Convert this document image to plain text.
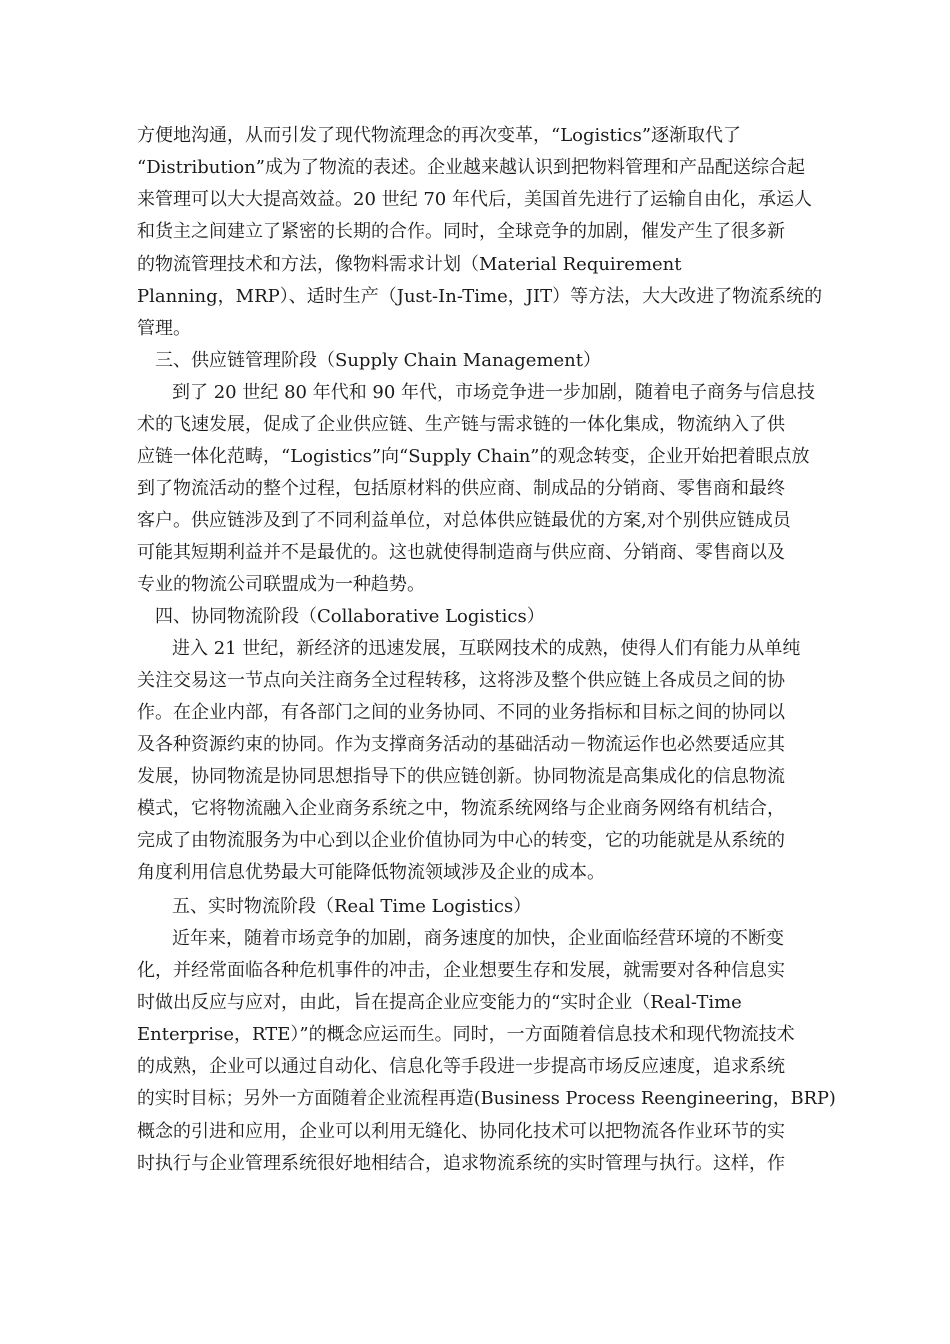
方便地沟通，从而引发了现代物流理念的再次变革，“Logistics”逐渐取代了
“Distribution”成为了物流的表述。企业越来越认识到把物料管理和产品配送综合起
来管理可以大大提高效益。20 世纪 70 年代后，美国首先进行了运输自由化，承运人
和货主之间建立了紧密的长期的合作。同时，全球竞争的加剧，催发产生了很多新
的物流管理技术和方法，像物料需求计划（Material Requirement
Planning，MRP）、适时生产（Just-In-Time，JIT）等方法，大大改进了物流系统的
管理。
三、供应链管理阶段（Supply Chain Management）
到了 20 世纪 80 年代和 90 年代，市场竞争进一步加剧，随着电子商务与信息技
术的飞速发展，促成了企业供应链、生产链与需求链的一体化集成，物流纳入了供
应链一体化范畴，“Logistics”向“Supply Chain”的观念转变，企业开始把着眼点放
到了物流活动的整个过程，包括原材料的供应商、制成品的分销商、零售商和最终
客户。供应链涉及到了不同利益单位，对总体供应链最优的方案,对个别供应链成员
可能其短期利益并不是最优的。这也就使得制造商与供应商、分销商、零售商以及
专业的物流公司联盟成为一种趋势。
四、协同物流阶段（Collaborative Logistics）
进入 21 世纪，新经济的迅速发展，互联网技术的成熟，使得人们有能力从单纯
关注交易这一节点向关注商务全过程转移，这将涉及整个供应链上各成员之间的协
作。在企业内部，有各部门之间的业务协同、不同的业务指标和目标之间的协同以
及各种资源约束的协同。作为支撑商务活动的基础活动－物流运作也必然要适应其
发展，协同物流是协同思想指导下的供应链创新。协同物流是高集成化的信息物流
模式，它将物流融入企业商务系统之中，物流系统网络与企业商务网络有机结合，
完成了由物流服务为中心到以企业价值协同为中心的转变，它的功能就是从系统的
角度利用信息优势最大可能降低物流领域涉及企业的成本。
五、实时物流阶段（Real Time Logistics）
近年来，随着市场竞争的加剧，商务速度的加快，企业面临经营环境的不断变
化，并经常面临各种危机事件的冲击，企业想要生存和发展，就需要对各种信息实
时做出反应与应对，由此，旨在提高企业应变能力的“实时企业（Real-Time
Enterprise，RTE）”的概念应运而生。同时，一方面随着信息技术和现代物流技术
的成熟，企业可以通过自动化、信息化等手段进一步提高市场反应速度，追求系统
的实时目标；另外一方面随着企业流程再造(Business Process Reengineering，BRP)
概念的引进和应用，企业可以利用无缝化、协同化技术可以把物流各作业环节的实
时执行与企业管理系统很好地相结合，追求物流系统的实时管理与执行。这样，作
